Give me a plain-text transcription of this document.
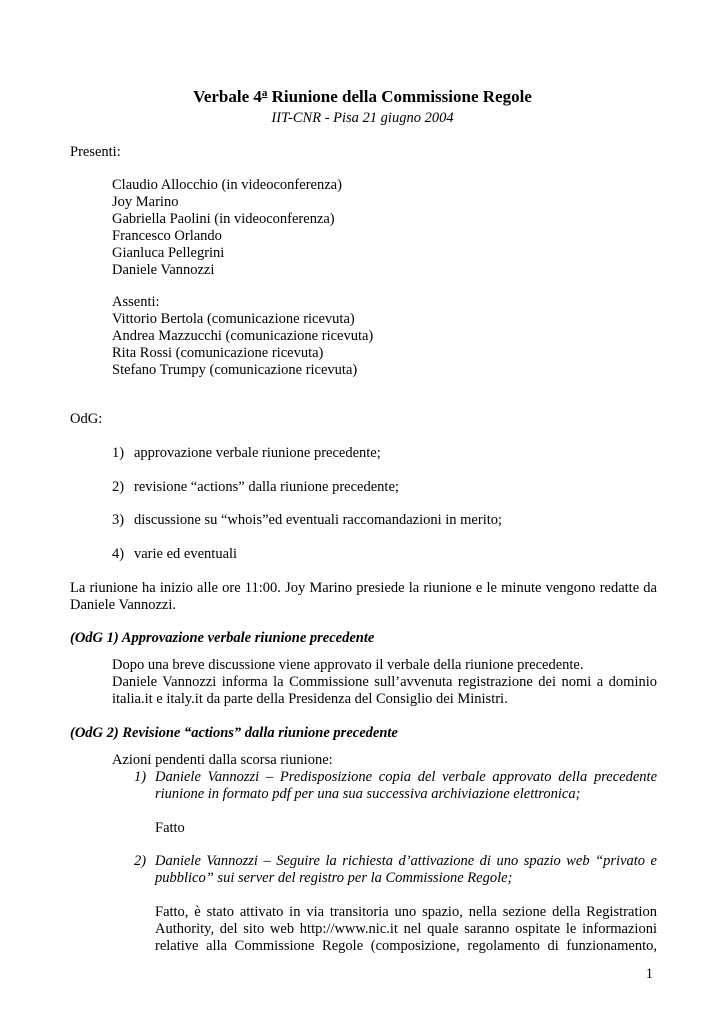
Verbale 4$^a$ Riunione della Commissione Regole
IIT-CNR - Pisa 21 giugno 2004
Presenti:
Claudio Allocchio (in videoconferenza)
Joy Marino
Gabriella Paolini (in videoconferenza)
Francesco Orlando
Gianluca Pellegrini
Daniele Vannozzi
Assenti:
Vittorio Bertola (comunicazione ricevuta)
Andrea Mazzucchi (comunicazione ricevuta)
Rita Rossi (comunicazione ricevuta)
Stefano Trumpy (comunicazione ricevuta)
OdG:
1) approvazione verbale riunione precedente;
2) revisione “actions” dalla riunione precedente;
3) discussione su “whois”ed eventuali raccomandazioni in merito;
4) varie ed eventuali
La riunione ha inizio alle ore 11:00. Joy Marino presiede la riunione e le minute vengono redatte da
Daniele Vannozzi.
(OdG 1) Approvazione verbale riunione precedente
Dopo una breve discussione viene approvato il verbale della riunione precedente.
Daniele Vannozzi informa la Commissione sull’avvenuta registrazione dei nomi a dominio
italia.it e italy.it da parte della Presidenza del Consiglio dei Ministri.
(OdG 2) Revisione “actions” dalla riunione precedente
Azioni pendenti dalla scorsa riunione:
1) Daniele Vannozzi – Predisposizione copia del verbale approvato della precedente
riunione in formato pdf per una sua successiva archiviazione elettronica;
Fatto
2) Daniele Vannozzi – Seguire la richiesta d’attivazione di uno spazio web “privato e
pubblico” sui server del registro per la Commissione Regole;
Fatto, è stato attivato in via transitoria uno spazio, nella sezione della Registration
Authority, del sito web http://www.nic.it nel quale saranno ospitate le informazioni
relative alla Commissione Regole (composizione, regolamento di funzionamento,
1
